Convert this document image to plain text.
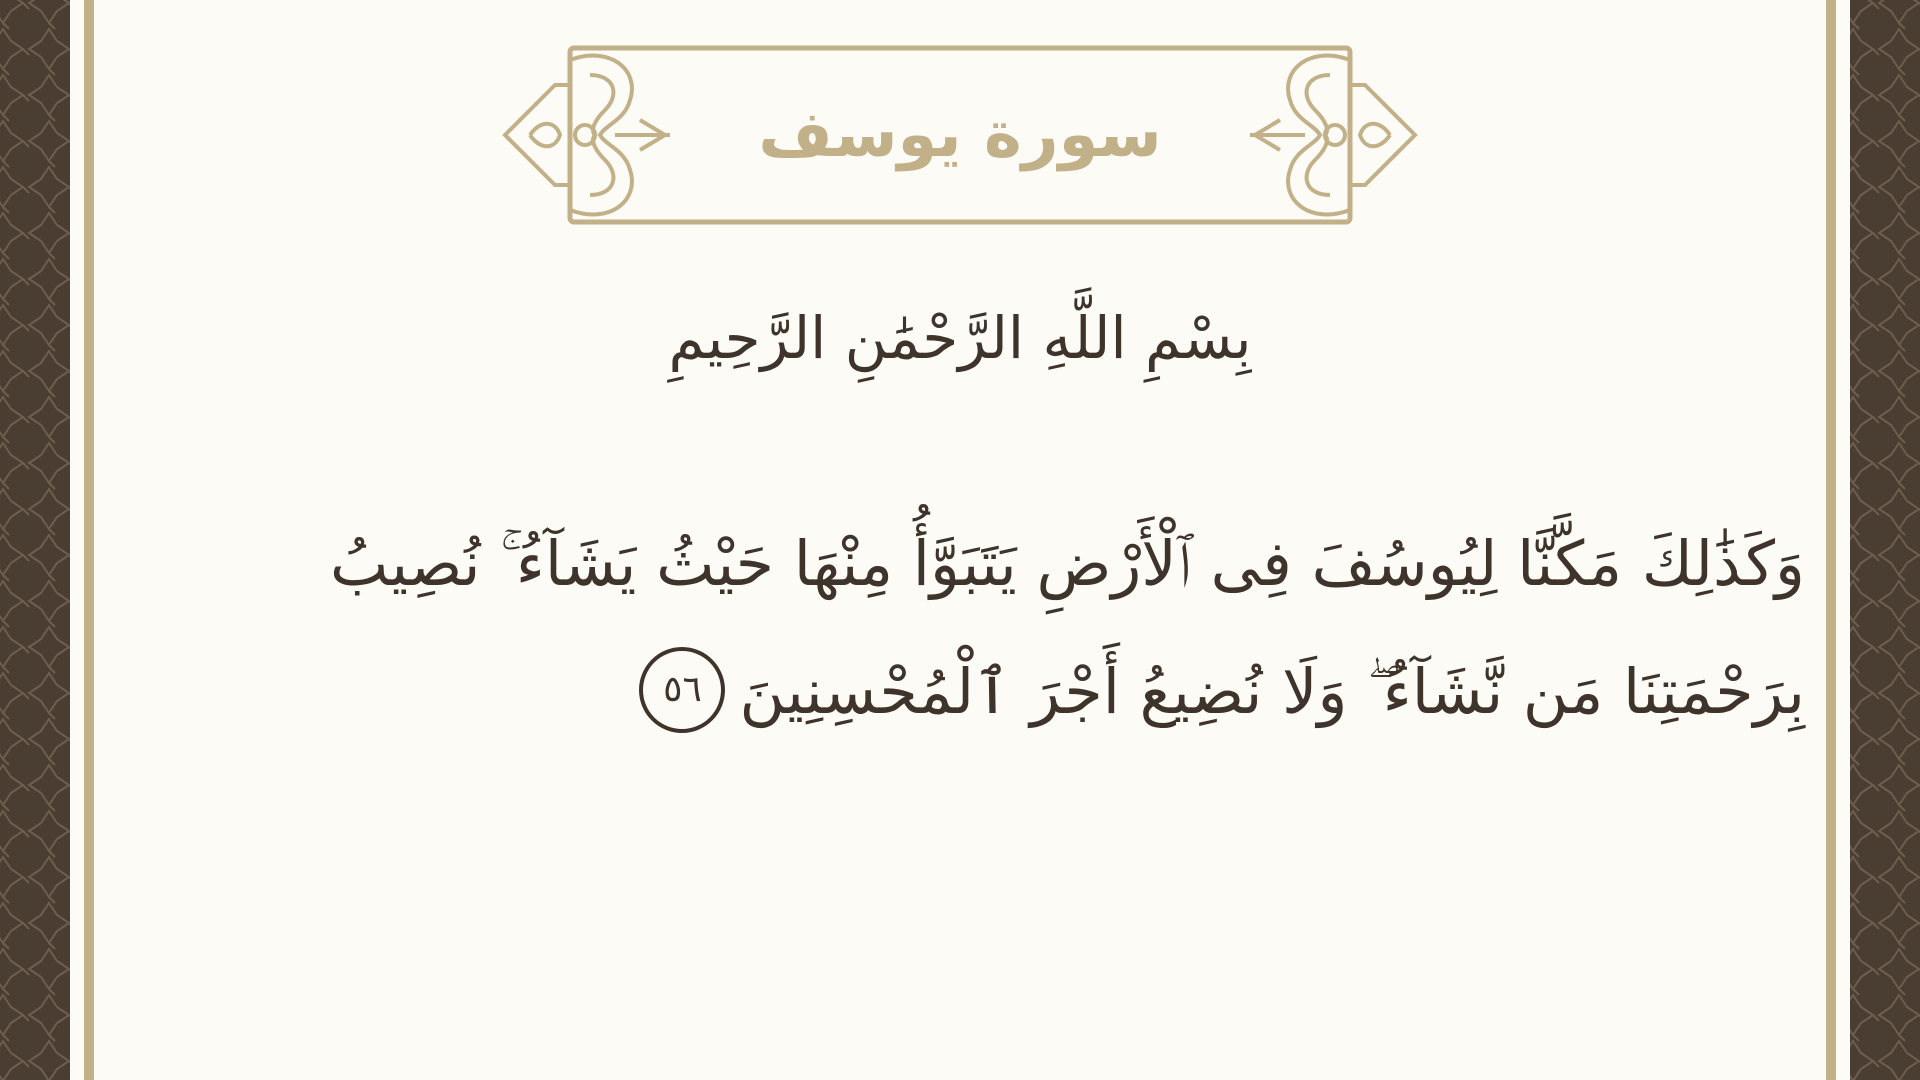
سورة يوسف
بِسْمِ اللَّهِ الرَّحْمَٰنِ الرَّحِيمِ
وَكَذَٰلِكَ مَكَّنَّا لِيُوسُفَ فِى ٱلْأَرْضِ يَتَبَوَّأُ مِنْهَا حَيْثُ يَشَآءُ ۚ نُصِيبُ
بِرَحْمَتِنَا مَن نَّشَآءُ ۖ وَلَا نُضِيعُ أَجْرَ ٱلْمُحْسِنِينَ٥٦
